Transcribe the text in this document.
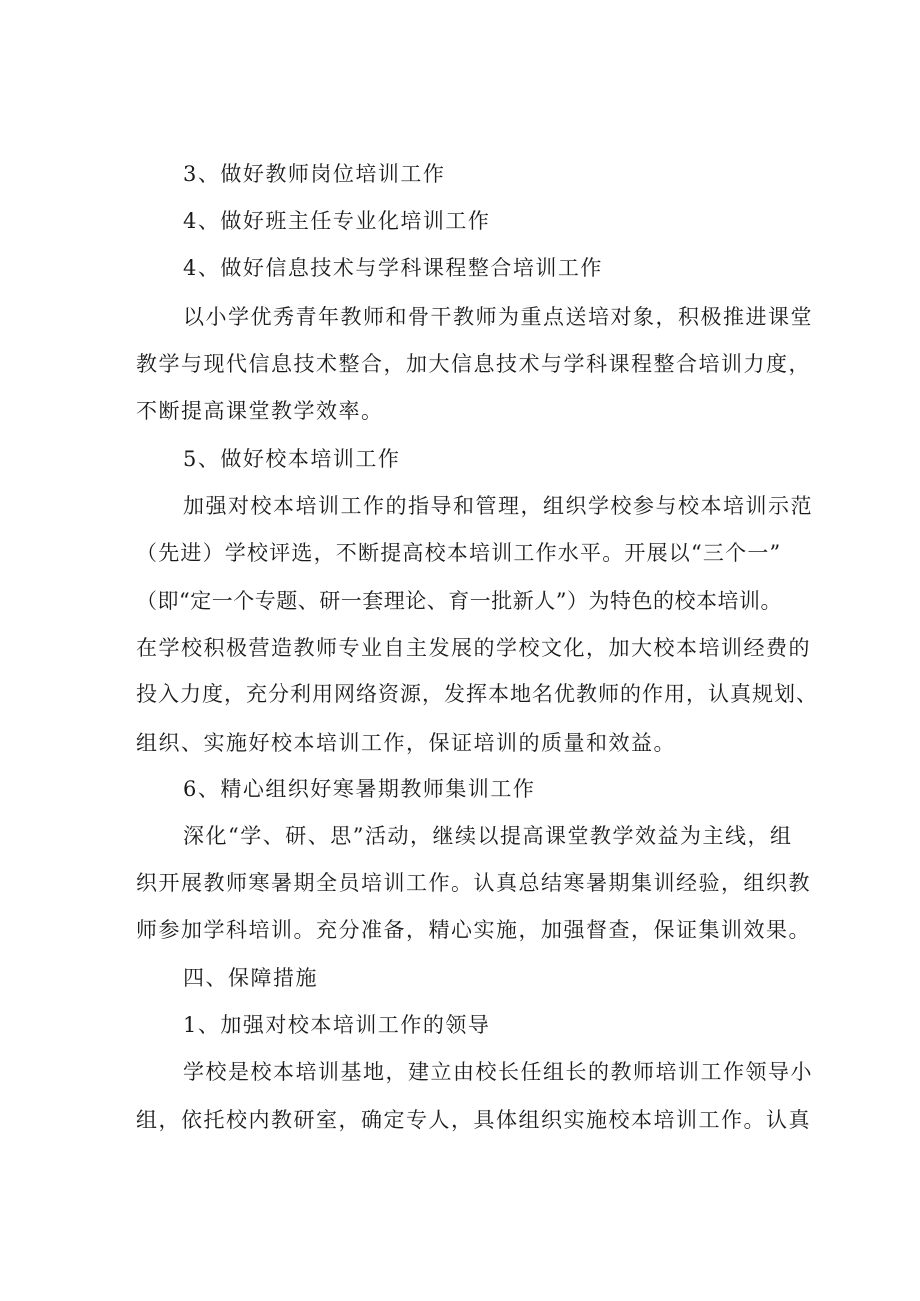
3、做好教师岗位培训工作
4、做好班主任专业化培训工作
4、做好信息技术与学科课程整合培训工作
以小学优秀青年教师和骨干教师为重点送培对象，积极推进课堂
教学与现代信息技术整合，加大信息技术与学科课程整合培训力度，
不断提高课堂教学效率。
5、做好校本培训工作
加强对校本培训工作的指导和管理，组织学校参与校本培训示范
（先进）学校评选，不断提高校本培训工作水平。开展以“三个一”
（即“定一个专题、研一套理论、育一批新人”）为特色的校本培训。
在学校积极营造教师专业自主发展的学校文化，加大校本培训经费的
投入力度，充分利用网络资源，发挥本地名优教师的作用，认真规划、
组织、实施好校本培训工作，保证培训的质量和效益。
6、精心组织好寒暑期教师集训工作
深化“学、研、思”活动，继续以提高课堂教学效益为主线，组
织开展教师寒暑期全员培训工作。认真总结寒暑期集训经验，组织教
师参加学科培训。充分准备，精心实施，加强督查，保证集训效果。
四、保障措施
1、加强对校本培训工作的领导
学校是校本培训基地，建立由校长任组长的教师培训工作领导小
组，依托校内教研室，确定专人，具体组织实施校本培训工作。认真
